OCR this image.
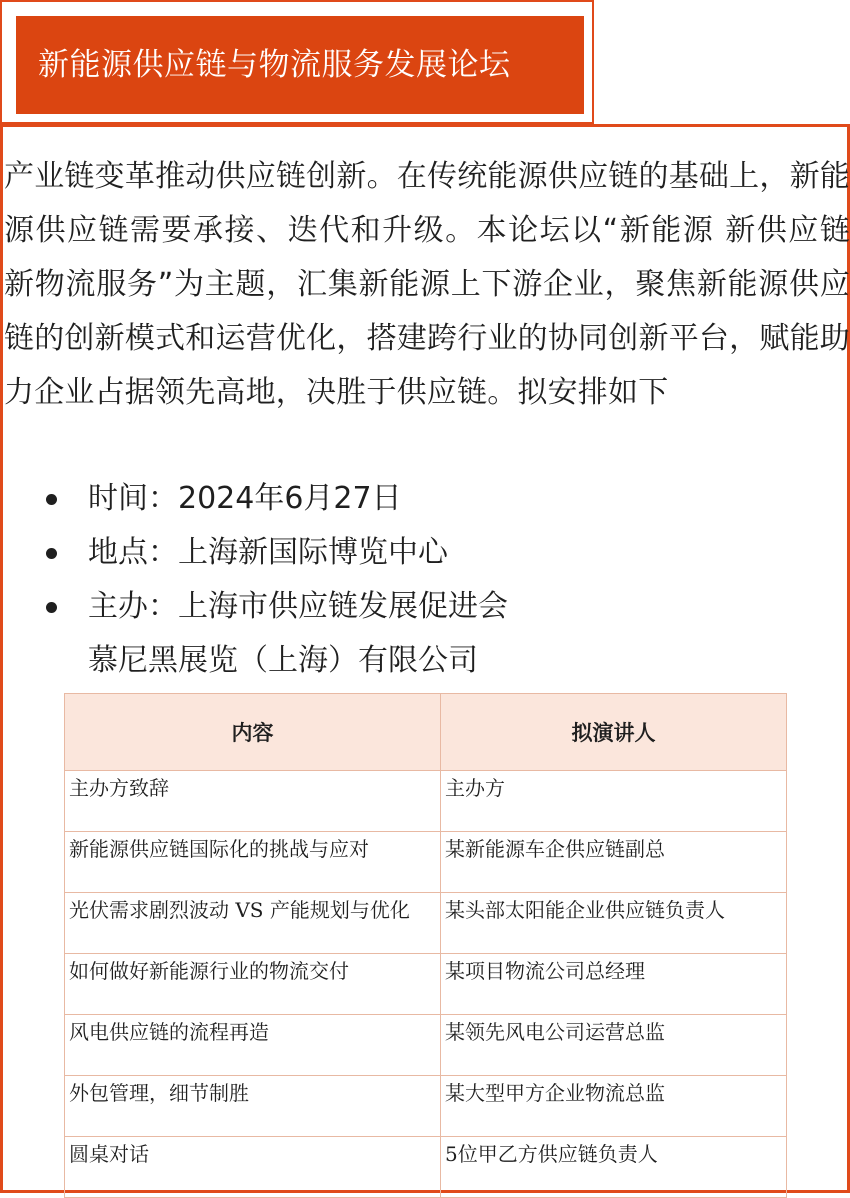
新能源供应链与物流服务发展论坛

产业链变革推动供应链创新。在传统能源供应链的基础上，新能源供应链需要承接、迭代和升级。本论坛以“新能源 新供应链 新物流服务”为主题，汇集新能源上下游企业，聚焦新能源供应链的创新模式和运营优化，搭建跨行业的协同创新平台，赋能助力企业占据领先高地，决胜于供应链。拟安排如下

时间：2024年6月27日
地点：上海新国际博览中心
主办：上海市供应链发展促进会
慕尼黑展览（上海）有限公司
内容	拟演讲人
主办方致辞	主办方
新能源供应链国际化的挑战与应对	某新能源车企供应链副总
光伏需求剧烈波动 VS 产能规划与优化	某头部太阳能企业供应链负责人
如何做好新能源行业的物流交付	某项目物流公司总经理
风电供应链的流程再造	某领先风电公司运营总监
外包管理，细节制胜	某大型甲方企业物流总监
圆桌对话	5位甲乙方供应链负责人
